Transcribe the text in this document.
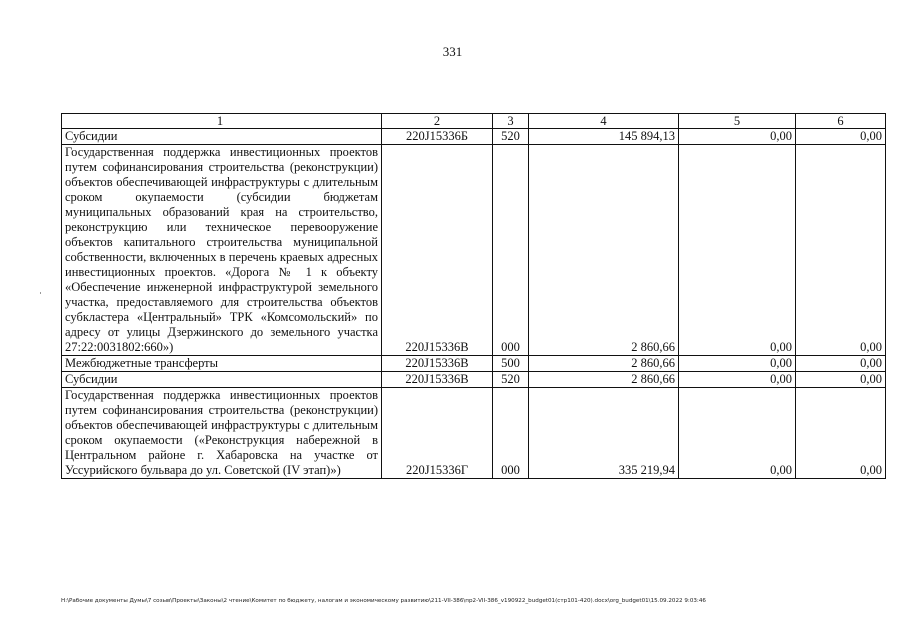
331
1	2	3	4	5	6
Субсидии	220J15336Б	520	145 894,13	0,00	0,00
Государственная поддержка инвестиционных проектов путем софинансирования строительства (реконструкции) объектов обеспечивающей инфраструктуры с длительным сроком окупаемости (субсидии бюджетам муниципальных образований края на строительство, реконструкцию или техническое перевооружение объектов капитального строительства муниципальной собственности, включенных в перечень краевых адресных инвестиционных проектов. «Дорога № 1 к объекту «Обеспечение инженерной инфраструктурой земельного участка, предоставляемого для строительства объектов субкластера «Центральный» ТРК «Комсомольский» по адресу от улицы Дзержинского до земельного участка 27:22:0031802:660»)	220J15336В	000	2 860,66	0,00	0,00
Межбюджетные трансферты	220J15336В	500	2 860,66	0,00	0,00
Субсидии	220J15336В	520	2 860,66	0,00	0,00
Государственная поддержка инвестиционных проектов путем софинансирования строительства (реконструкции) объектов обеспечивающей инфраструктуры с длительным сроком окупаемости («Реконструкция набережной в Центральном районе г. Хабаровска на участке от Уссурийского бульвара до ул. Советской (IV этап)»)	220J15336Г	000	335 219,94	0,00	0,00
H:\Рабочие документы Думы\7 созыв\Проекты\Законы\2 чтение\Комитет по бюджету, налогам и экономическому развитию\211-VII-386\пр2-VII-386_v190922_budget01(стр101-420).docx\org_budget01\15.09.2022 9:03:46
